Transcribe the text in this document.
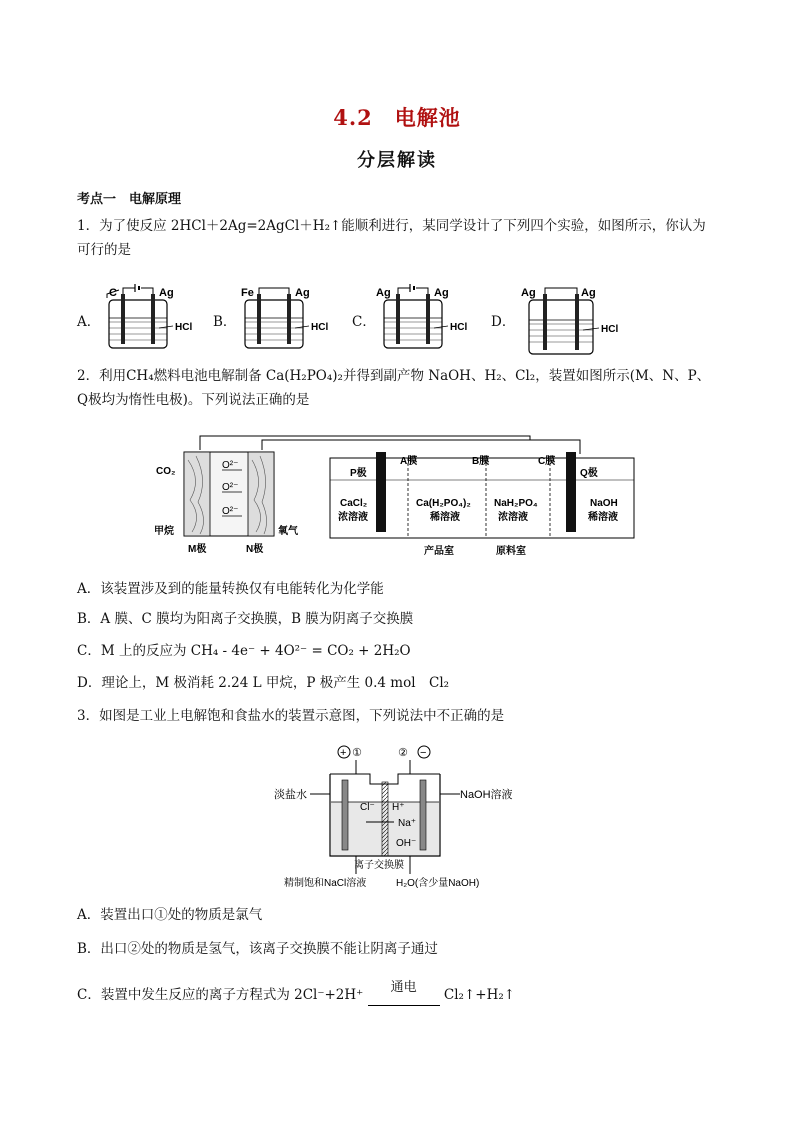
4.2　电解池
分层解读
考点一　电解原理
1．为了使反应 2HCl＋2Ag=2AgCl＋H₂↑能顺利进行，某同学设计了下列四个实验，如图所示，你认为可行的是
A．
C	Ag
HCl B．
Fe	Ag
HCl C．
Ag	Ag
HCl D．
Ag	Ag
HCl
2．利用CH₄燃料电池电解制备 Ca(H₂PO₄)₂并得到副产物 NaOH、H₂、Cl₂，装置如图所示(M、N、P、Q极均为惰性电极)。下列说法正确的是
O²⁻
O²⁻
O²⁻
CO₂
甲烷	氧气
M极	N极
P极	Q极
A膜	B膜	C膜
CaCl₂
浓溶液
Ca(H₂PO₄)₂
稀溶液
NaH₂PO₄
浓溶液
NaOH
稀溶液
产品室	原料室
A．该装置涉及到的能量转换仅有电能转化为化学能
B．A 膜、C 膜均为阳离子交换膜，B 膜为阴离子交换膜
C．M 上的反应为 CH₄ - 4e⁻ + 4O²⁻ = CO₂ + 2H₂O
D．理论上，M 极消耗 2.24 L 甲烷，P 极产生 0.4 mol　Cl₂
3．如图是工业上电解饱和食盐水的装置示意图，下列说法中不正确的是
+	−
①	②
淡盐水	NaOH溶液
Cl⁻ H⁺
Na⁺
OH⁻
离子交换膜
精制饱和NaCl溶液	H₂O(含少量NaOH)
A．装置出口①处的物质是氯气
B．出口②处的物质是氢气，该离子交换膜不能让阴离子通过
C．装置中发生反应的离子方程式为 2Cl⁻+2H⁺	通电	Cl₂↑+H₂↑
